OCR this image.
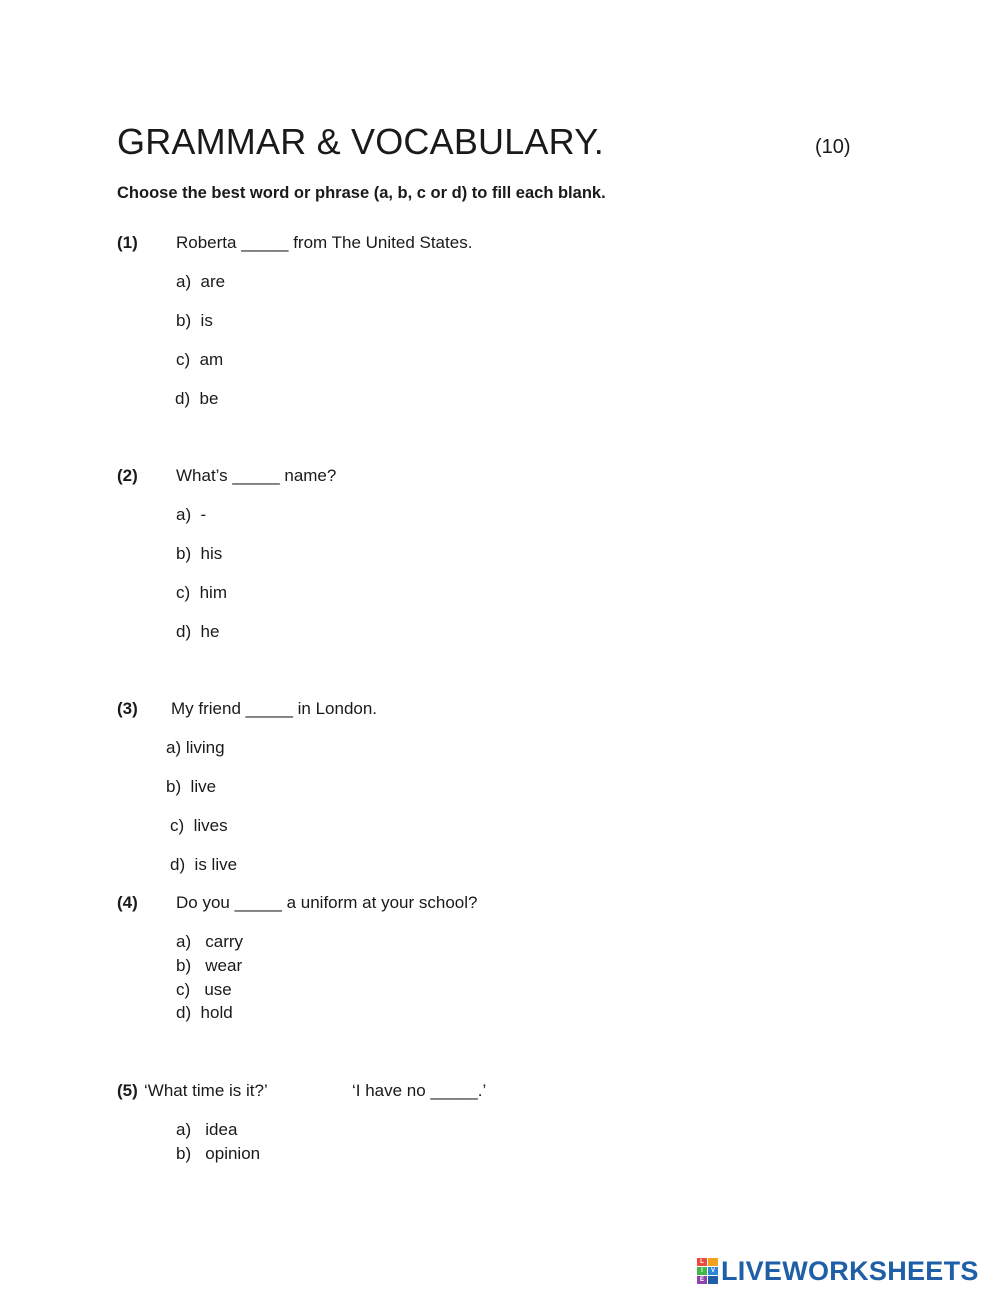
GRAMMAR & VOCABULARY.	(10)
Choose the best word or phrase (a, b, c or d) to fill each blank.
(1) Roberta _____ from The United States.
a)  are
b)  is
c)  am
d)  be
(2) What’s _____ name?
a)  -
b)  his
c)  him
d)  he
(3) My friend _____ in London.
a) living
b)  live
c)  lives
d)  is live
(4) Do you _____ a uniform at your school?
a)   carry
b)   wear
c)   use
d)  hold
(5) ‘What time is it?’	‘I have no _____.’
a)   idea
b)   opinion
L
I	V
E LIVEWORKSHEETS
